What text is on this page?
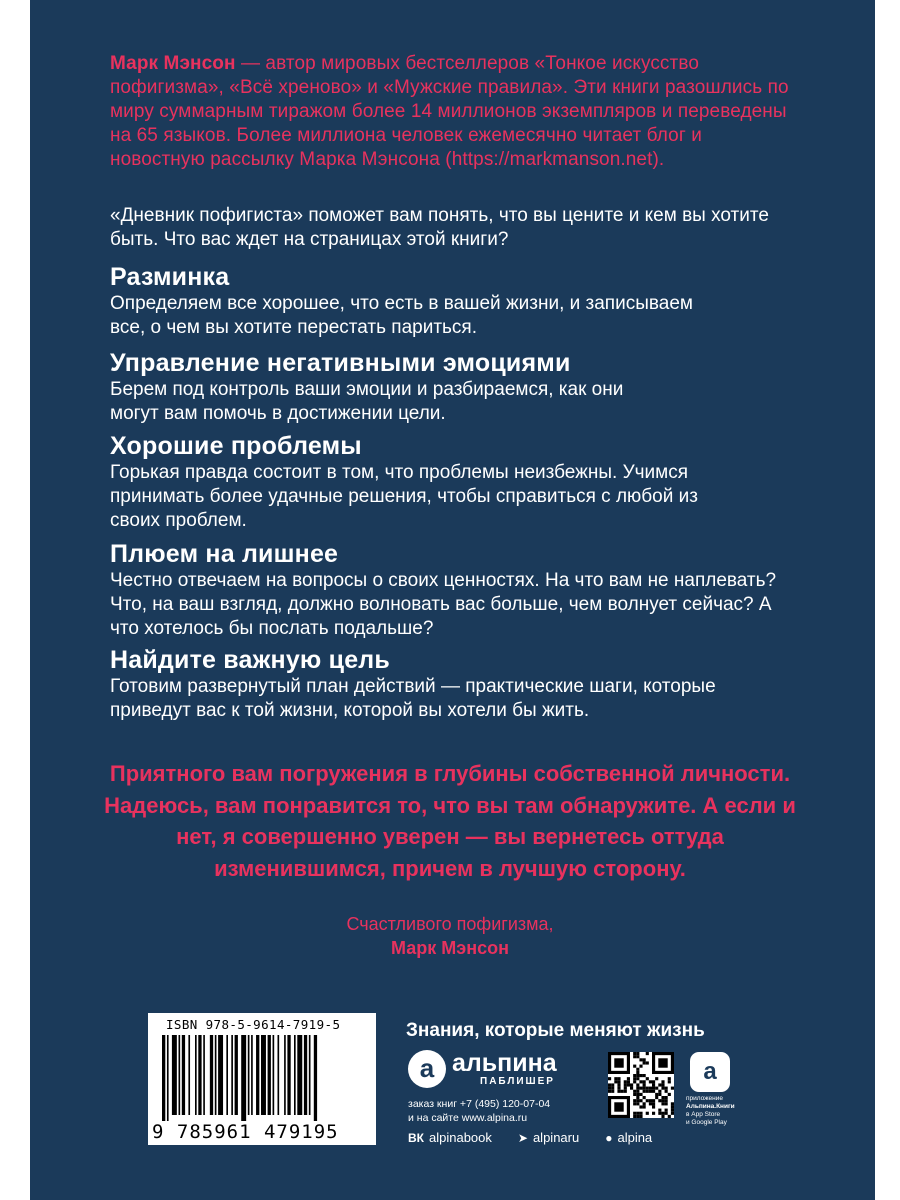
Марк Мэнсон — автор мировых бестселлеров «Тонкое искусство пофигизма», «Всё хреново» и «Мужские правила». Эти книги разошлись по миру суммарным тиражом более 14 миллионов экземпляров и переведены на 65 языков. Более миллиона человек ежемесячно читает блог и новостную рассылку Марка Мэнсона (https://markmanson.net).
«Дневник пофигиста» поможет вам понять, что вы цените и кем вы хотите быть. Что вас ждет на страницах этой книги?
Разминка

Определяем все хорошее, что есть в вашей жизни, и записываем все, о чем вы хотите перестать париться.

Управление негативными эмоциями

Берем под контроль ваши эмоции и разбираемся, как они могут вам помочь в достижении цели.

Хорошие проблемы

Горькая правда состоит в том, что проблемы неизбежны. Учимся принимать более удачные решения, чтобы справиться с любой из своих проблем.

Плюем на лишнее

Честно отвечаем на вопросы о своих ценностях. На что вам не наплевать? Что, на ваш взгляд, должно волновать вас больше, чем волнует сейчас? А что хотелось бы послать подальше?

Найдите важную цель

Готовим развернутый план действий — практические шаги, которые приведут вас к той жизни, которой вы хотели бы жить.

Приятного вам погружения в глубины собственной личности. Надеюсь, вам понравится то, что вы там обнаружите. А если и нет, я совершенно уверен — вы вернетесь оттуда изменившимся, причем в лучшую сторону.
Счастливого пофигизма,
Марк Мэнсон
ISBN 978-5-9614-7919-5
9 785961 479195
Знания, которые меняют жизнь
а альпина
ПАБЛИШЕР
заказ книг +7 (495) 120-07-04
и на сайте www.alpina.ru
а
приложение
Альпина.Книги
в App Store
и Google Play
ВК alpinabook ➤ alpinaru ● alpina
